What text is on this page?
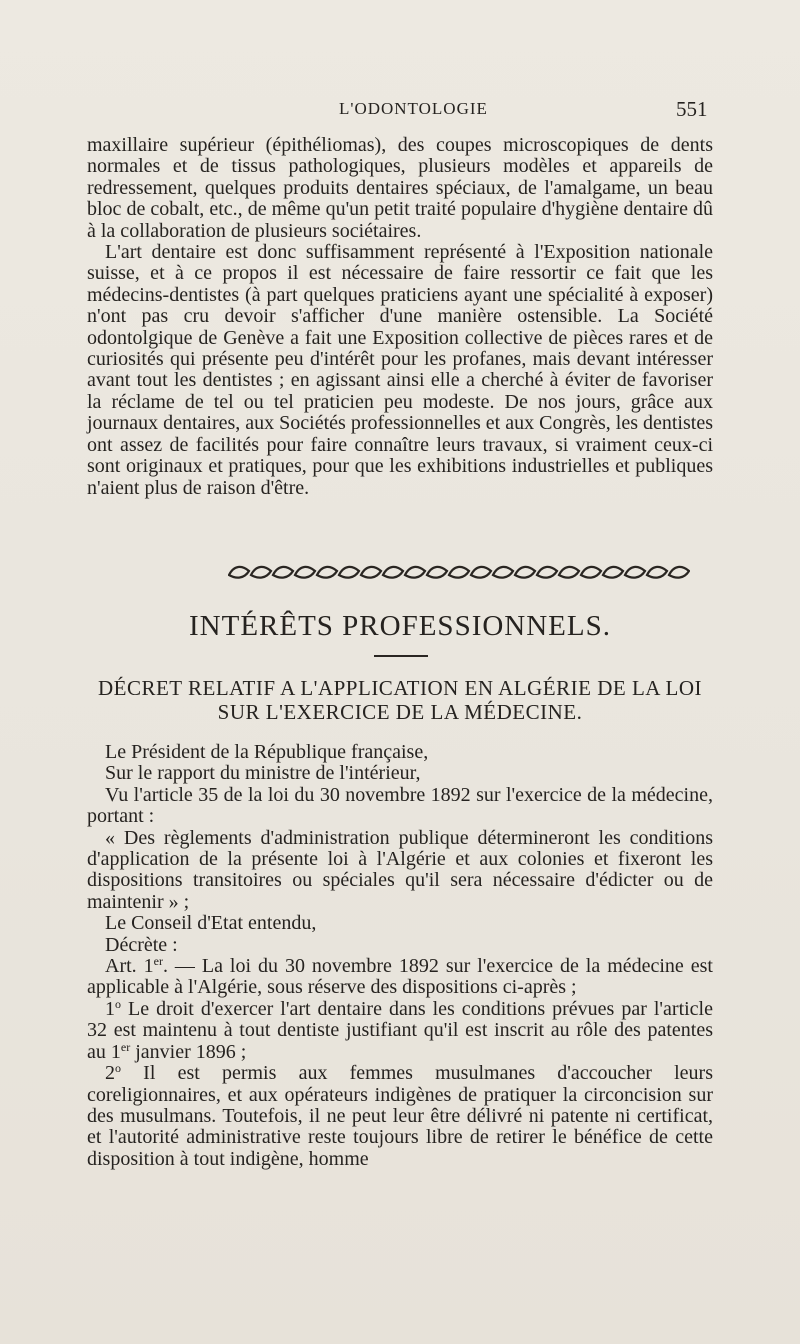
L'ODONTOLOGIE	551

maxillaire supérieur (épithéliomas), des coupes microscopiques de dents normales et de tissus pathologiques, plusieurs modèles et appareils de redressement, quelques produits dentaires spéciaux, de l'amalgame, un beau bloc de cobalt, etc., de même qu'un petit traité populaire d'hygiène dentaire dû à la collaboration de plusieurs sociétaires.

L'art dentaire est donc suffisamment représenté à l'Exposition nationale suisse, et à ce propos il est nécessaire de faire ressortir ce fait que les médecins-dentistes (à part quelques praticiens ayant une spécialité à exposer) n'ont pas cru devoir s'afficher d'une manière ostensible. La Société odontolgique de Genève a fait une Exposition collective de pièces rares et de curiosités qui présente peu d'intérêt pour les profanes, mais devant intéresser avant tout les dentistes ; en agissant ainsi elle a cherché à éviter de favoriser la réclame de tel ou tel praticien peu modeste. De nos jours, grâce aux journaux dentaires, aux Sociétés professionnelles et aux Congrès, les dentistes ont assez de facilités pour faire connaître leurs travaux, si vraiment ceux-ci sont originaux et pratiques, pour que les exhibitions industrielles et publiques n'aient plus de raison d'être.

INTÉRÊTS PROFESSIONNELS.
DÉCRET RELATIF A L'APPLICATION EN ALGÉRIE DE LA LOI
SUR L'EXERCICE DE LA MÉDECINE.

Le Président de la République française,

Sur le rapport du ministre de l'intérieur,

Vu l'article 35 de la loi du 30 novembre 1892 sur l'exercice de la médecine, portant :

« Des règlements d'administration publique détermineront les conditions d'application de la présente loi à l'Algérie et aux colonies et fixeront les dispositions transitoires ou spéciales qu'il sera nécessaire d'édicter ou de maintenir » ;

Le Conseil d'Etat entendu,

Décrète :

Art. 1er. — La loi du 30 novembre 1892 sur l'exercice de la médecine est applicable à l'Algérie, sous réserve des dispositions ci-après ;

1$^o$ Le droit d'exercer l'art dentaire dans les conditions prévues par l'article 32 est maintenu à tout dentiste justifiant qu'il est inscrit au rôle des patentes au 1er janvier 1896 ;

2$^o$ Il est permis aux femmes musulmanes d'accoucher leurs coreligionnaires, et aux opérateurs indigènes de pratiquer la circoncision sur des musulmans. Toutefois, il ne peut leur être délivré ni patente ni certificat, et l'autorité administrative reste toujours libre de retirer le bénéfice de cette disposition à tout indigène, homme
